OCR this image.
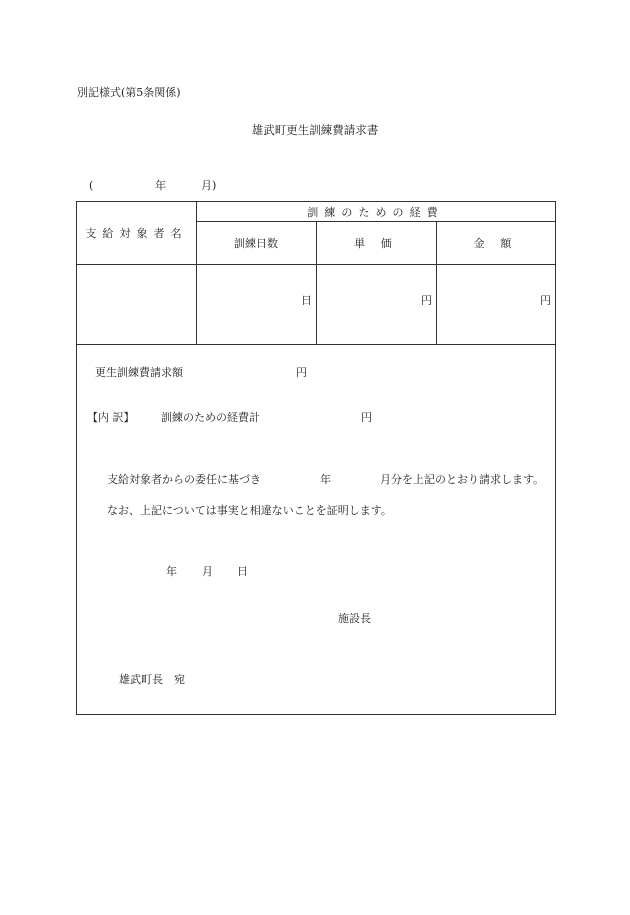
別記様式(第5条関係)
雄武町更生訓練費請求書
(	年	月)
支給対象者名
訓練のための経費
訓練日数	単 価	金 額
日	円	円
更生訓練費請求額	円
【内 訳】 訓練のための経費計	円
支給対象者からの委任に基づき	年	月分を上記のとおり請求します。
なお、上記については事実と相違ないことを証明します。
年 月 日
施設長
雄武町長　宛
